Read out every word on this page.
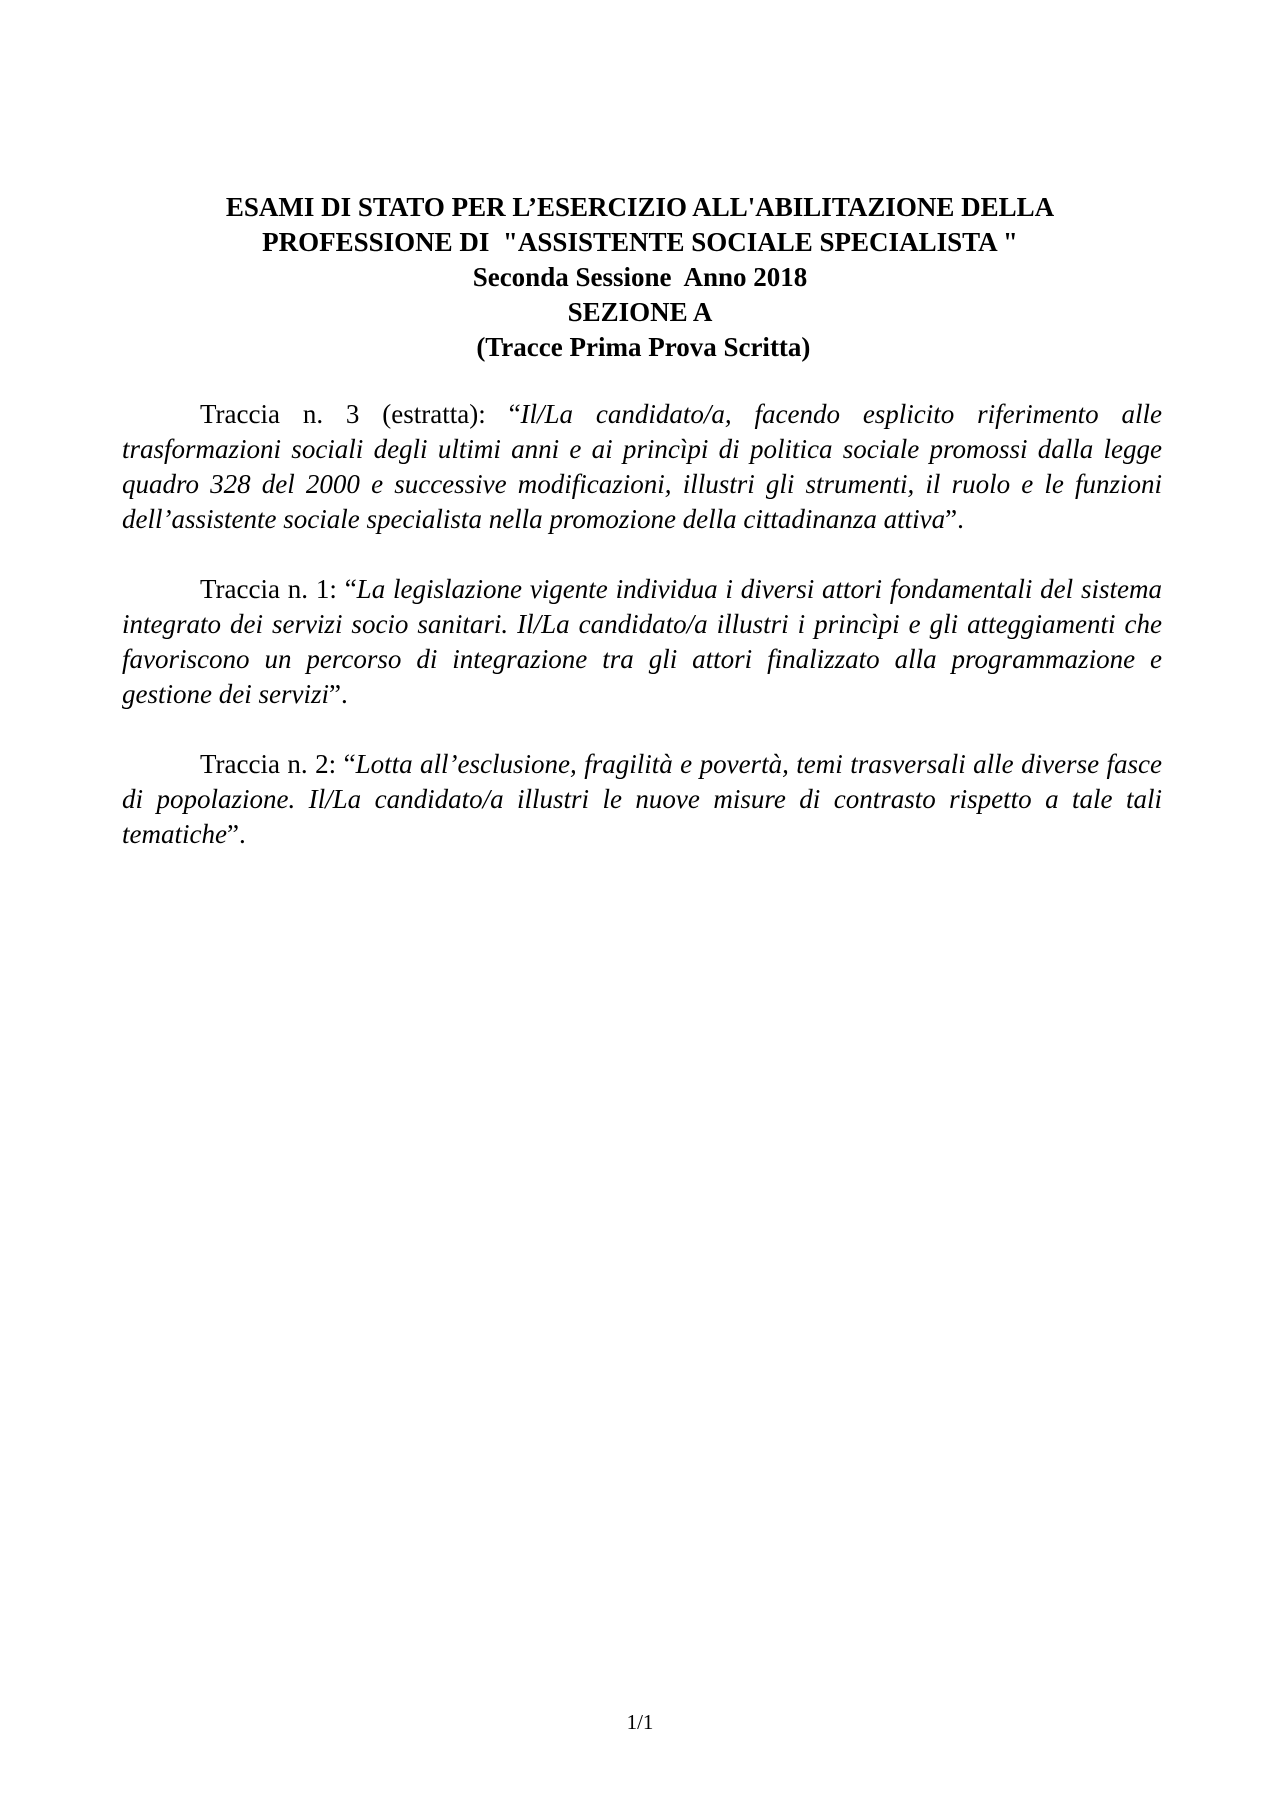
ESAMI DI STATO PER L’ESERCIZIO ALL'ABILITAZIONE DELLA
PROFESSIONE DI  "ASSISTENTE SOCIALE SPECIALISTA "
Seconda Sessione  Anno 2018
SEZIONE A
(Tracce Prima Prova Scritta)

Traccia n. 3 (estratta): “Il/La candidato/a, facendo esplicito riferimento alle trasformazioni sociali degli ultimi anni e ai princìpi di politica sociale promossi dalla legge quadro 328 del 2000 e successive modificazioni, illustri gli strumenti, il ruolo e le funzioni dell’assistente sociale specialista nella promozione della cittadinanza attiva”.

Traccia n. 1: “La legislazione vigente individua i diversi attori fondamentali del sistema integrato dei servizi socio sanitari. Il/La candidato/a illustri i princìpi e gli atteggiamenti che favoriscono un percorso di integrazione tra gli attori finalizzato alla programmazione e gestione dei servizi”.

Traccia n. 2: “Lotta all’esclusione, fragilità e povertà, temi trasversali alle diverse fasce di popolazione. Il/La candidato/a illustri le nuove misure di contrasto rispetto a tale tali tematiche”.

1/1
